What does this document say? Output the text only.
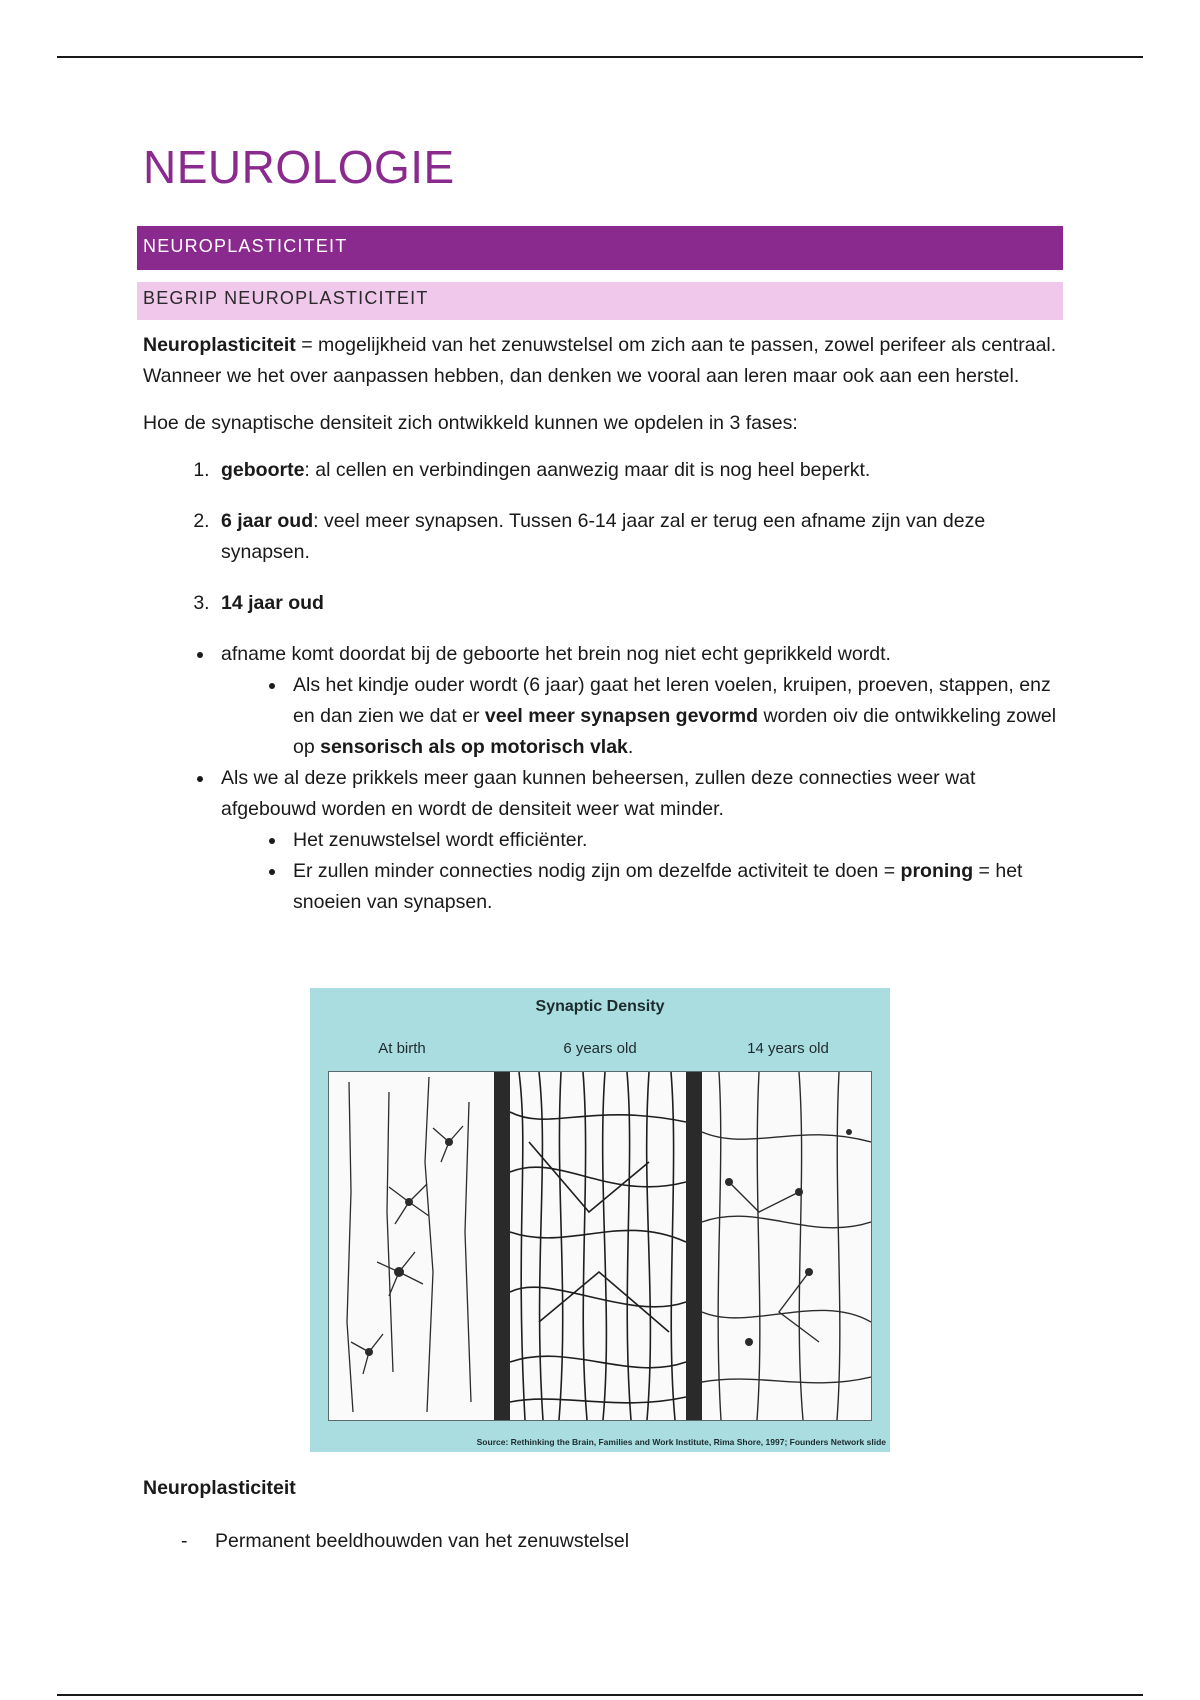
NEUROLOGIE
NEUROPLASTICITEIT
BEGRIP NEUROPLASTICITEIT

Neuroplasticiteit = mogelijkheid van het zenuwstelsel om zich aan te passen, zowel perifeer als centraal. Wanneer we het over aanpassen hebben, dan denken we vooral aan leren maar ook aan een herstel.

Hoe de synaptische densiteit zich ontwikkeld kunnen we opdelen in 3 fases:

1. geboorte: al cellen en verbindingen aanwezig maar dit is nog heel beperkt.
2. 6 jaar oud: veel meer synapsen. Tussen 6-14 jaar zal er terug een afname zijn van deze synapsen.
3. 14 jaar oud
• afname komt doordat bij de geboorte het brein nog niet echt geprikkeld wordt.
• Als het kindje ouder wordt (6 jaar) gaat het leren voelen, kruipen, proeven, stappen, enz en dan zien we dat er veel meer synapsen gevormd worden oiv die ontwikkeling zowel op sensorisch als op motorisch vlak.
• Als we al deze prikkels meer gaan kunnen beheersen, zullen deze connecties weer wat afgebouwd worden en wordt de densiteit weer wat minder.
• Het zenuwstelsel wordt efficiënter.
• Er zullen minder connecties nodig zijn om dezelfde activiteit te doen = proning = het snoeien van synapsen.
Synaptic Density
At birth	6 years old	14 years old
Source: Rethinking the Brain, Families and Work Institute, Rima Shore, 1997; Founders Network slide
Neuroplasticiteit
-	Permanent beeldhouwden van het zenuwstelsel
